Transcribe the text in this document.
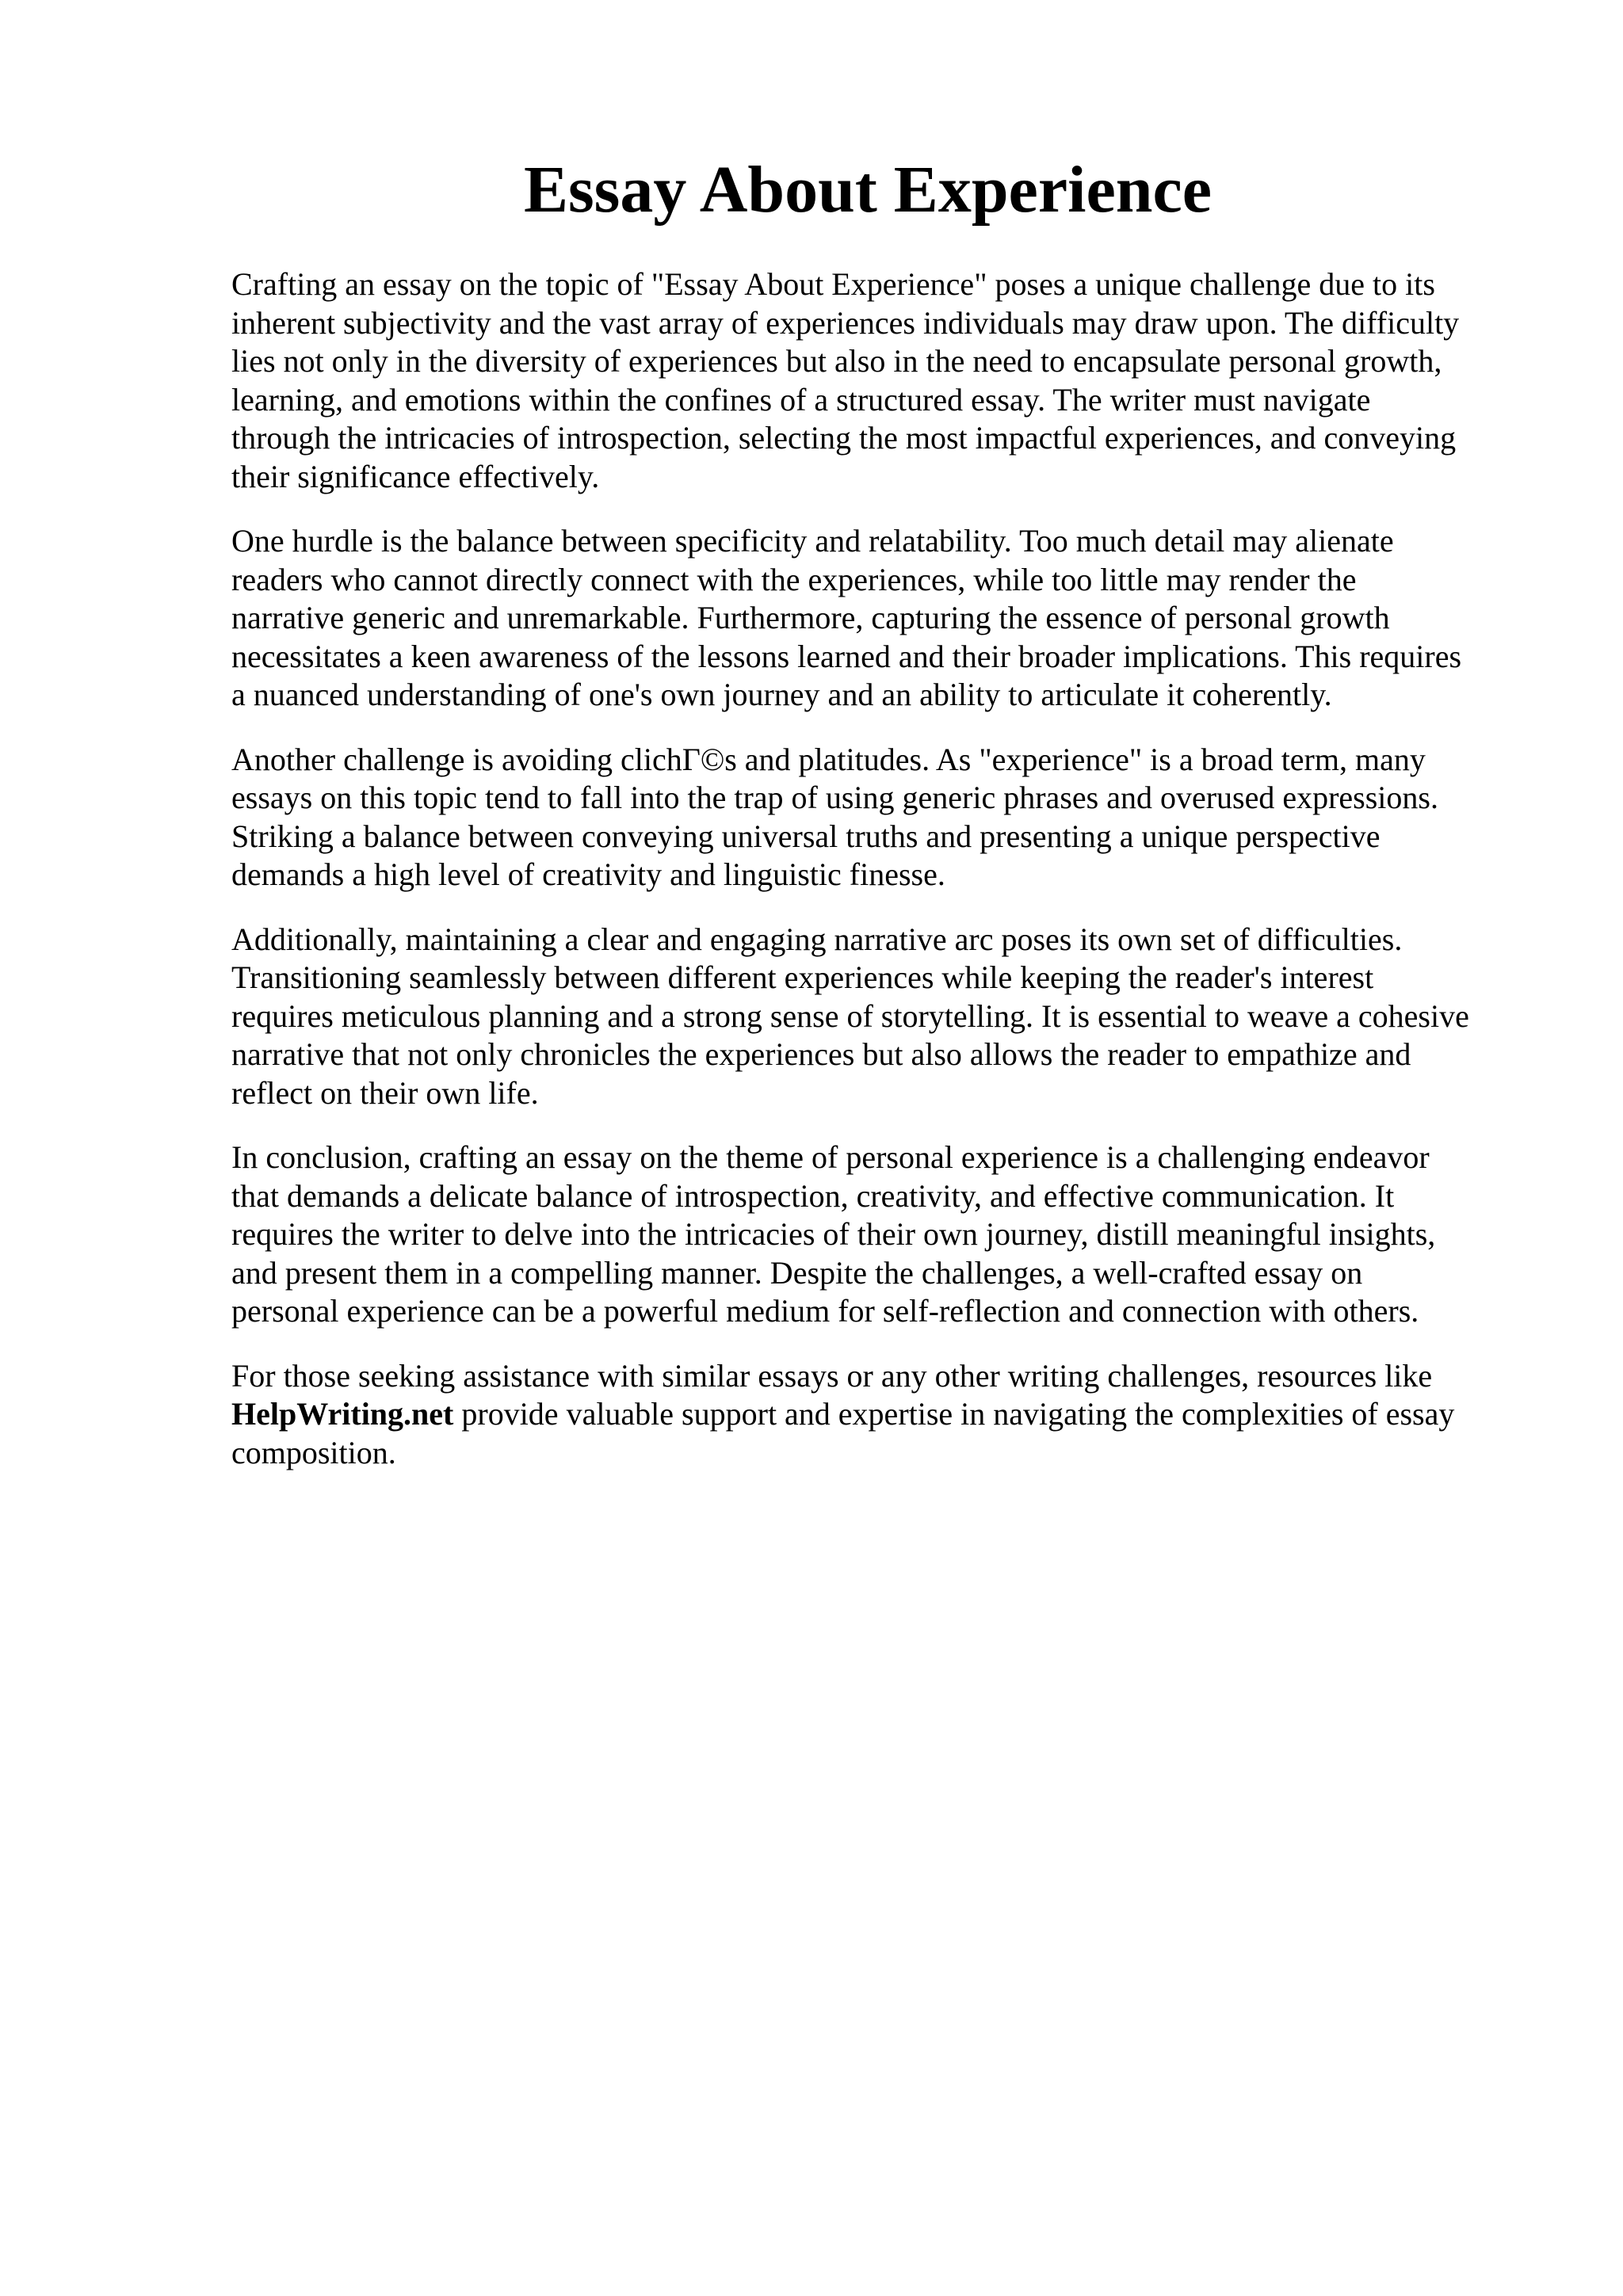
Essay About Experience

Crafting an essay on the topic of "Essay About Experience" poses a unique challenge due to its
inherent subjectivity and the vast array of experiences individuals may draw upon. The difficulty
lies not only in the diversity of experiences but also in the need to encapsulate personal growth,
learning, and emotions within the confines of a structured essay. The writer must navigate
through the intricacies of introspection, selecting the most impactful experiences, and conveying
their significance effectively.

One hurdle is the balance between specificity and relatability. Too much detail may alienate
readers who cannot directly connect with the experiences, while too little may render the
narrative generic and unremarkable. Furthermore, capturing the essence of personal growth
necessitates a keen awareness of the lessons learned and their broader implications. This requires
a nuanced understanding of one's own journey and an ability to articulate it coherently.

Another challenge is avoiding clichГ©s and platitudes. As "experience" is a broad term, many
essays on this topic tend to fall into the trap of using generic phrases and overused expressions.
Striking a balance between conveying universal truths and presenting a unique perspective
demands a high level of creativity and linguistic finesse.

Additionally, maintaining a clear and engaging narrative arc poses its own set of difficulties.
Transitioning seamlessly between different experiences while keeping the reader's interest
requires meticulous planning and a strong sense of storytelling. It is essential to weave a cohesive
narrative that not only chronicles the experiences but also allows the reader to empathize and
reflect on their own life.

In conclusion, crafting an essay on the theme of personal experience is a challenging endeavor
that demands a delicate balance of introspection, creativity, and effective communication. It
requires the writer to delve into the intricacies of their own journey, distill meaningful insights,
and present them in a compelling manner. Despite the challenges, a well-crafted essay on
personal experience can be a powerful medium for self-reflection and connection with others.

For those seeking assistance with similar essays or any other writing challenges, resources like
HelpWriting.net provide valuable support and expertise in navigating the complexities of essay
composition.
